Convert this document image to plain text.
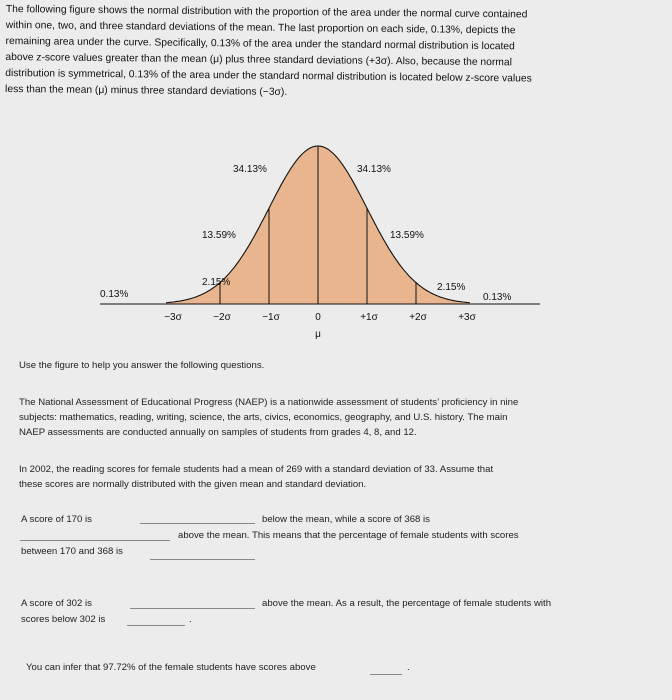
The following figure shows the normal distribution with the proportion of the area under the normal curve contained

within one, two, and three standard deviations of the mean. The last proportion on each side, 0.13%, depicts the

remaining area under the curve. Specifically, 0.13% of the area under the standard normal distribution is located

above z-score values greater than the mean (μ) plus three standard deviations (+3σ). Also, because the normal

distribution is symmetrical, 0.13% of the area under the standard normal distribution is located below z-score values

less than the mean (μ) minus three standard deviations (−3σ).

0.13%
2.15%
13.59%
34.13%	34.13%
13.59%
2.15%
0.13%
−3σ	−2σ	−1σ	0	+1σ	+2σ	+3σ
μ

Use the figure to help you answer the following questions.

The National Assessment of Educational Progress (NAEP) is a nationwide assessment of students’ proficiency in nine

subjects: mathematics, reading, writing, science, the arts, civics, economics, geography, and U.S. history. The main

NAEP assessments are conducted annually on samples of students from grades 4, 8, and 12.

In 2002, the reading scores for female students had a mean of 269 with a standard deviation of 33. Assume that

these scores are normally distributed with the given mean and standard deviation.

A score of 170 is	below the mean, while a score of 368 is
above the mean. This means that the percentage of female students with scores
between 170 and 368 is
A score of 302 is	above the mean. As a result, the percentage of female students with
scores below 302 is	.
You can infer that 97.72% of the female students have scores above	.
